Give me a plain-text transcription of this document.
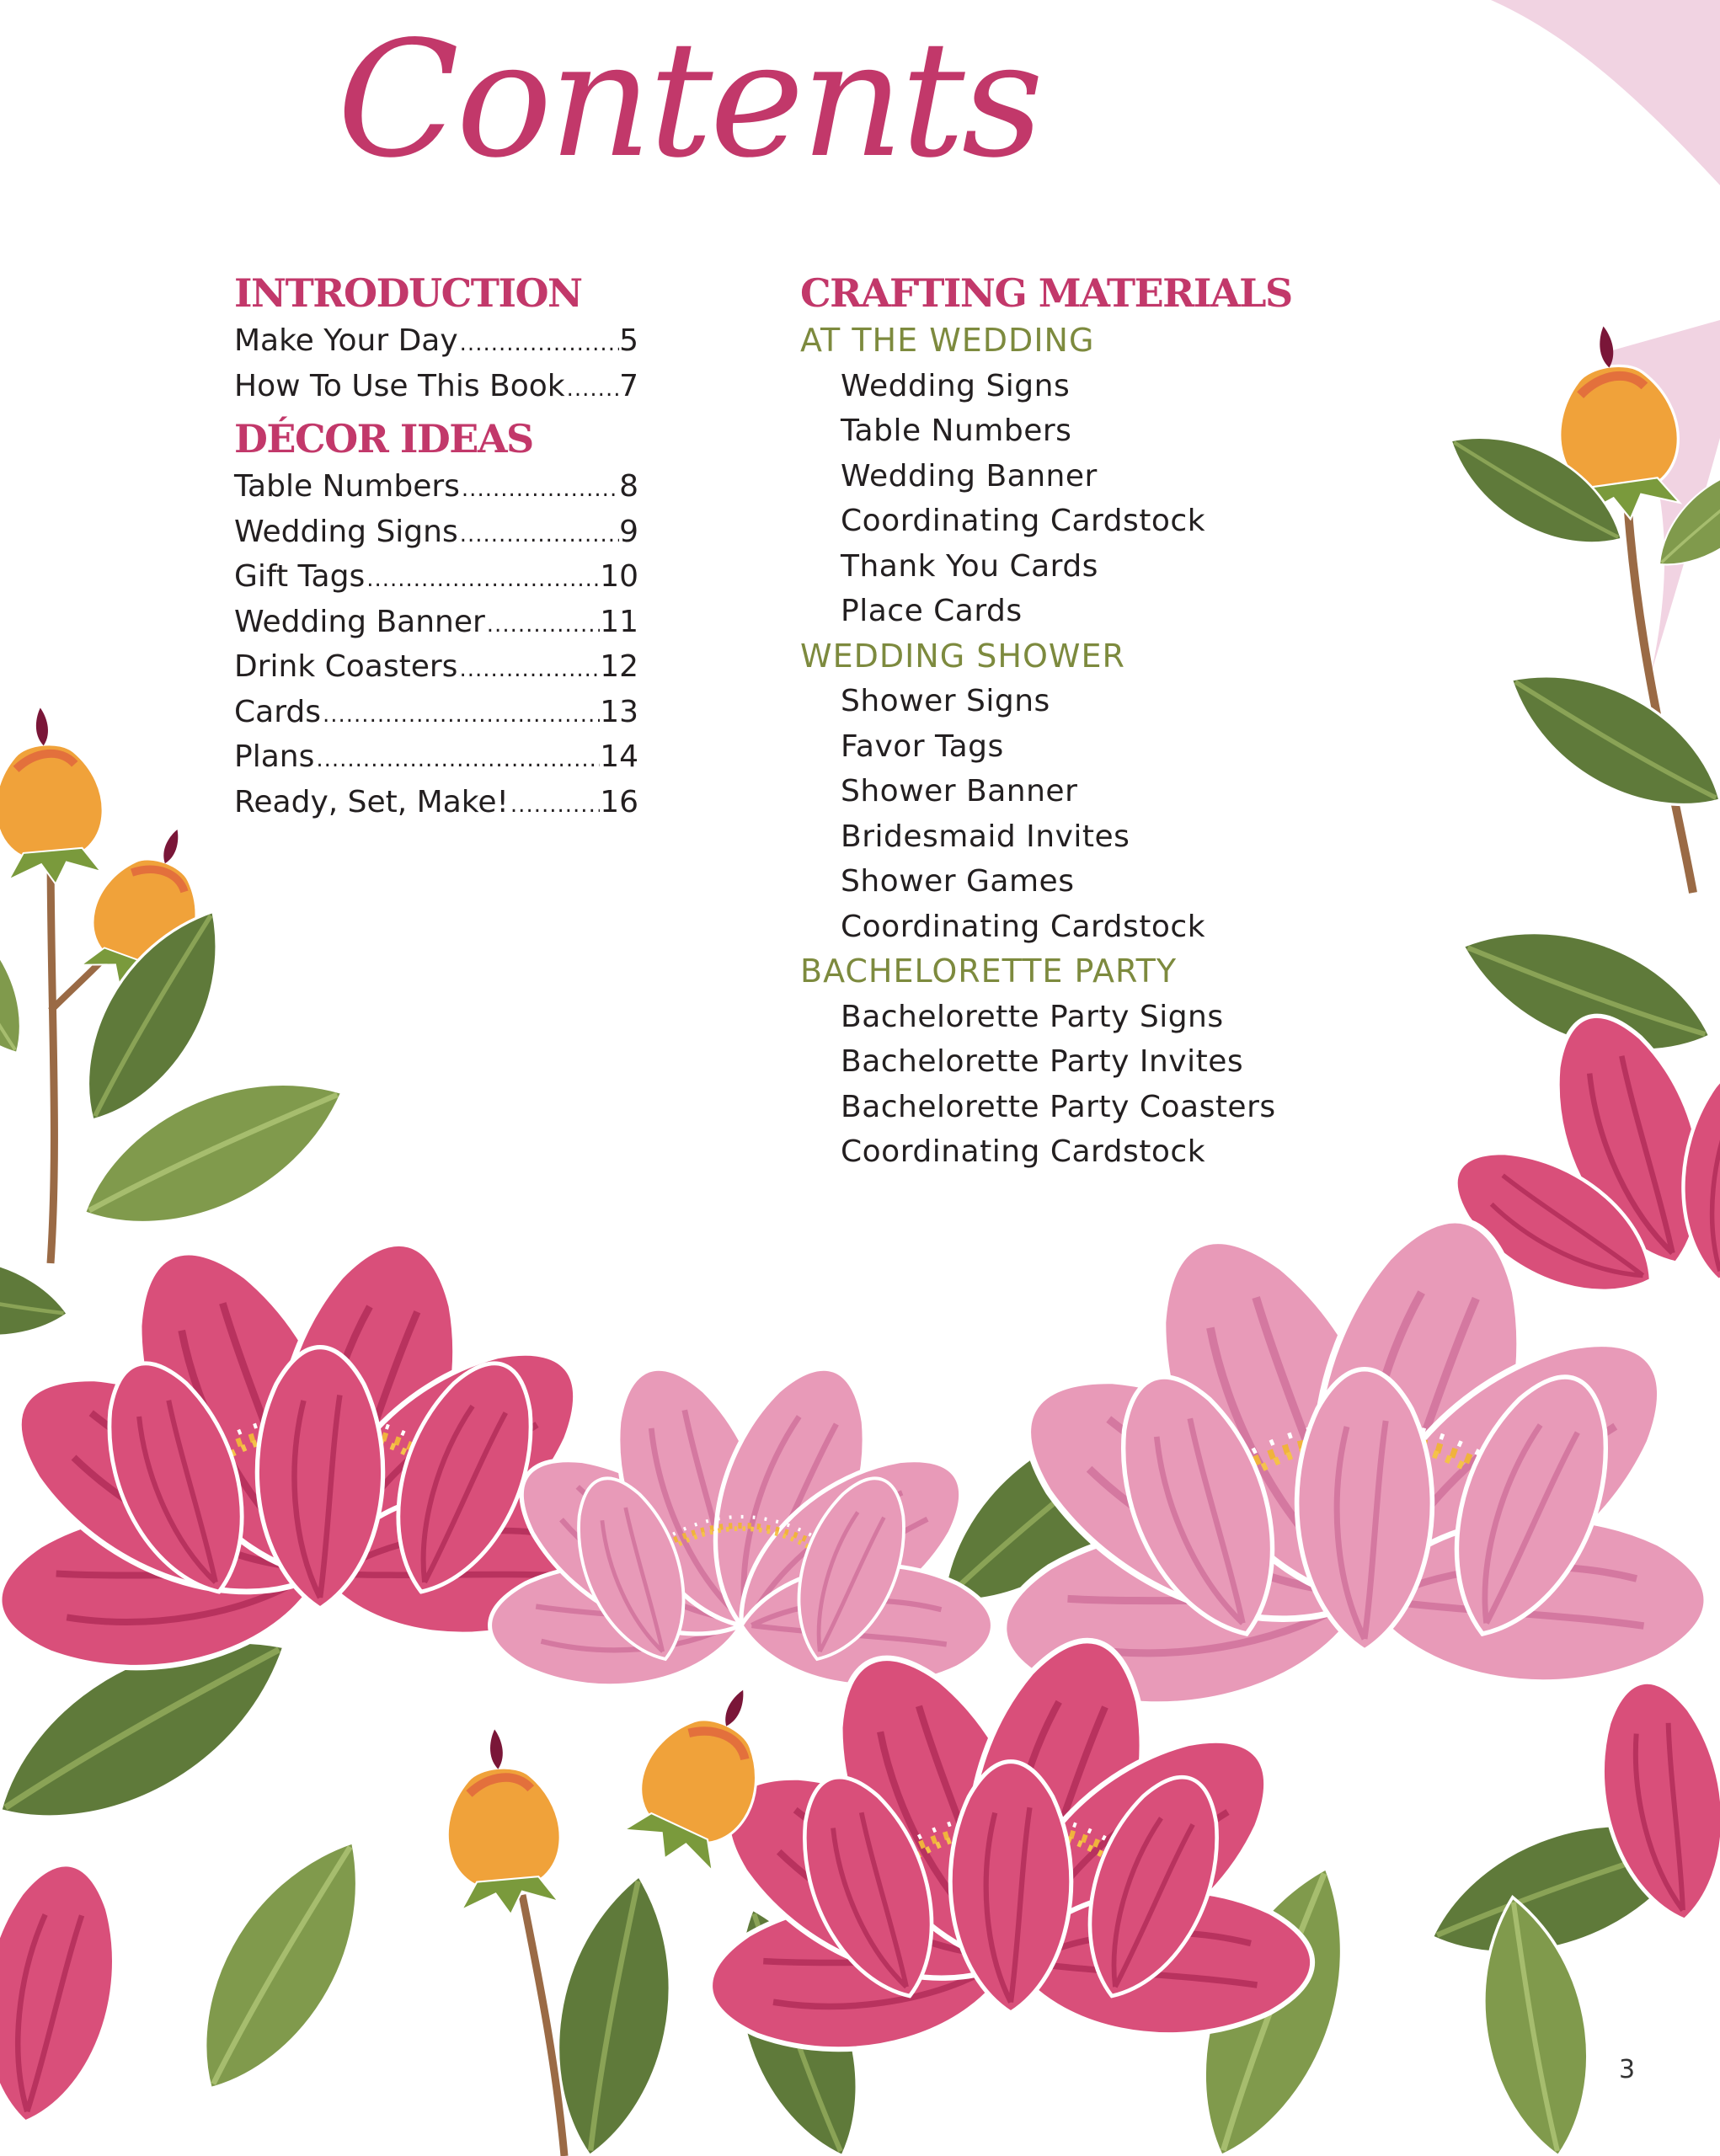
Contents
INTRODUCTION
Make Your Day .....	5
How To Use This Book ..... 7
DÉCOR IDEAS
Table Numbers .....	8
Wedding Signs .....	9
Gift Tags .....	10
Wedding Banner .....	11
Drink Coasters .....	12
Cards .....	13
Plans .....	14
Ready, Set, Make! .....	16
CRAFTING MATERIALS
AT THE WEDDING
Wedding Signs
Table Numbers
Wedding Banner
Coordinating Cardstock
Thank You Cards
Place Cards
WEDDING SHOWER
Shower Signs
Favor Tags
Shower Banner
Bridesmaid Invites
Shower Games
Coordinating Cardstock
BACHELORETTE PARTY
Bachelorette Party Signs
Bachelorette Party Invites
Bachelorette Party Coasters
Coordinating Cardstock
3
